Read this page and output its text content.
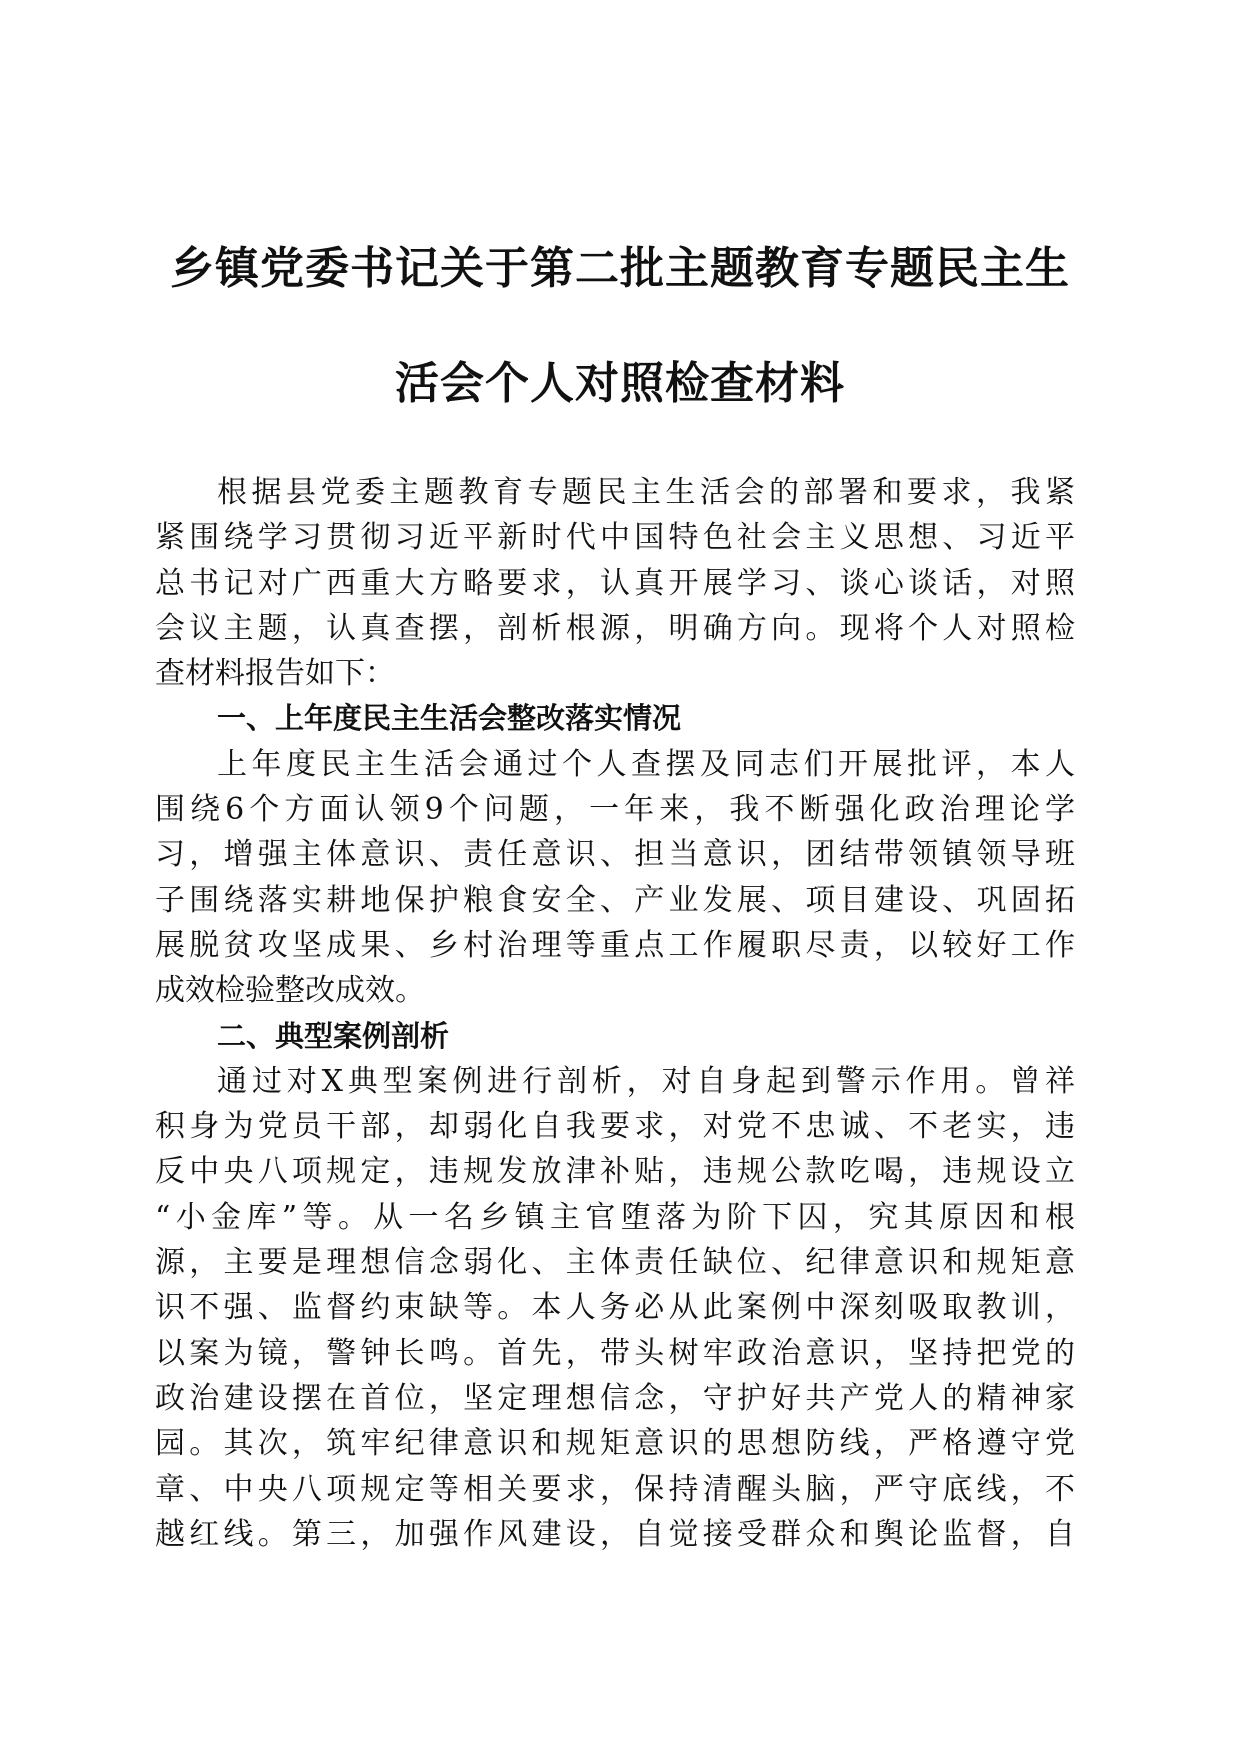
乡镇党委书记关于第二批主题教育专题民主生
活会个人对照检查材料
根据县党委主题教育专题民主生活会的部署和要求，我紧
紧围绕学习贯彻习近平新时代中国特色社会主义思想、习近平
总书记对广西重大方略要求，认真开展学习、谈心谈话，对照
会议主题，认真查摆，剖析根源，明确方向。现将个人对照检
查材料报告如下：
一、上年度民主生活会整改落实情况
上年度民主生活会通过个人查摆及同志们开展批评，本人
围绕6个方面认领9个问题，一年来，我不断强化政治理论学
习，增强主体意识、责任意识、担当意识，团结带领镇领导班
子围绕落实耕地保护粮食安全、产业发展、项目建设、巩固拓
展脱贫攻坚成果、乡村治理等重点工作履职尽责，以较好工作
成效检验整改成效。
二、典型案例剖析
通过对X典型案例进行剖析，对自身起到警示作用。曾祥
积身为党员干部，却弱化自我要求，对党不忠诚、不老实，违
反中央八项规定，违规发放津补贴，违规公款吃喝，违规设立
“小金库”等。从一名乡镇主官堕落为阶下囚，究其原因和根
源，主要是理想信念弱化、主体责任缺位、纪律意识和规矩意
识不强、监督约束缺等。本人务必从此案例中深刻吸取教训，
以案为镜，警钟长鸣。首先，带头树牢政治意识，坚持把党的
政治建设摆在首位，坚定理想信念，守护好共产党人的精神家
园。其次，筑牢纪律意识和规矩意识的思想防线，严格遵守党
章、中央八项规定等相关要求，保持清醒头脑，严守底线，不
越红线。第三，加强作风建设，自觉接受群众和舆论监督，自
